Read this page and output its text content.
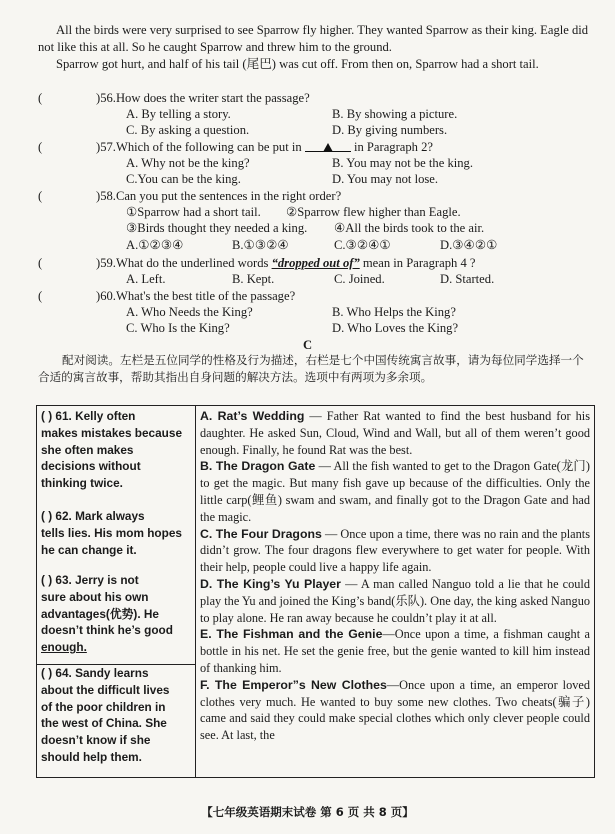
All the birds were very surprised to see Sparrow fly higher. They wanted Sparrow as their king. Eagle did not like this at all. So he caught Sparrow and threw him to the ground.
Sparrow got hurt, and half of his tail (尾巴) was cut off. From then on, Sparrow had a short tail.
(	)56.How does the writer start the passage?
A. By telling a story.	B. By showing a picture.
C. By asking a question.	D. By giving numbers.
(	)57.Which of the following can be put in	in Paragraph 2?
A. Why not be the king?	B. You may not be the king.
C.You can be the king.	D. You may not lose.
(	)58.Can you put the sentences in the right order?
①Sparrow had a short tail. ②Sparrow flew higher than Eagle.
③Birds thought they needed a king. ④All the birds took to the air.
A.①②③④	B.①③②④	C.③②④①	D.③④②①
(	)59.What do the underlined words “dropped out of” mean in Paragraph 4 ?
A. Left.	B. Kept.	C. Joined.	D. Started.
(	)60.What's the best title of the passage?
A. Who Needs the King?	B. Who Helps the King?
C. Who Is the King?	D. Who Loves the King?
C
配对阅读。左栏是五位同学的性格及行为描述，右栏是七个中国传统寓言故事，请为每位同学选择一个合适的寓言故事，帮助其指出自身问题的解决方法。选项中有两项为多余项。
( ) 61. Kelly often
makes mistakes because
she often makes
decisions without
thinking twice.
( ) 62. Mark always
tells lies. His mom hopes
he can change it.
( ) 63. Jerry is not
sure about his own
advantages(优势). He
doesn’t think he’s good
enough.
( ) 64. Sandy learns
about the difficult lives
of the poor children in
the west of China. She
doesn’t know if she
should help them.

A. Rat’s Wedding — Father Rat wanted to find the best husband for his daughter. He asked Sun, Cloud, Wind and Wall, but all of them weren’t good enough. Finally, he found Rat was the best.
B. The Dragon Gate — All the fish wanted to get to the Dragon Gate(龙门) to get the magic. But many fish gave up because of the difficulties. Only the little carp(鲤鱼) swam and swam, and finally got to the Dragon Gate and had the magic.
C. The Four Dragons — Once upon a time, there was no rain and the plants didn’t grow. The four dragons flew everywhere to get water for people. With their help, people could live a happy life again.
D. The King’s Yu Player — A man called Nanguo told a lie that he could play the Yu and joined the King’s band(乐队). One day, the king asked Nanguo to play alone. He ran away because he couldn’t play it at all.
E. The Fishman and the Genie—Once upon a time, a fishman caught a bottle in his net. He set the genie free, but the genie wanted to kill him instead of thanking him.
F. The Emperor”s New Clothes—Once upon a time, an emperor loved clothes very much. He wanted to buy some new clothes. Two cheats(骗子) came and said they could make special clothes which only clever people could see. At last, the
【七年级英语期末试卷 第 6 页 共 8 页】
